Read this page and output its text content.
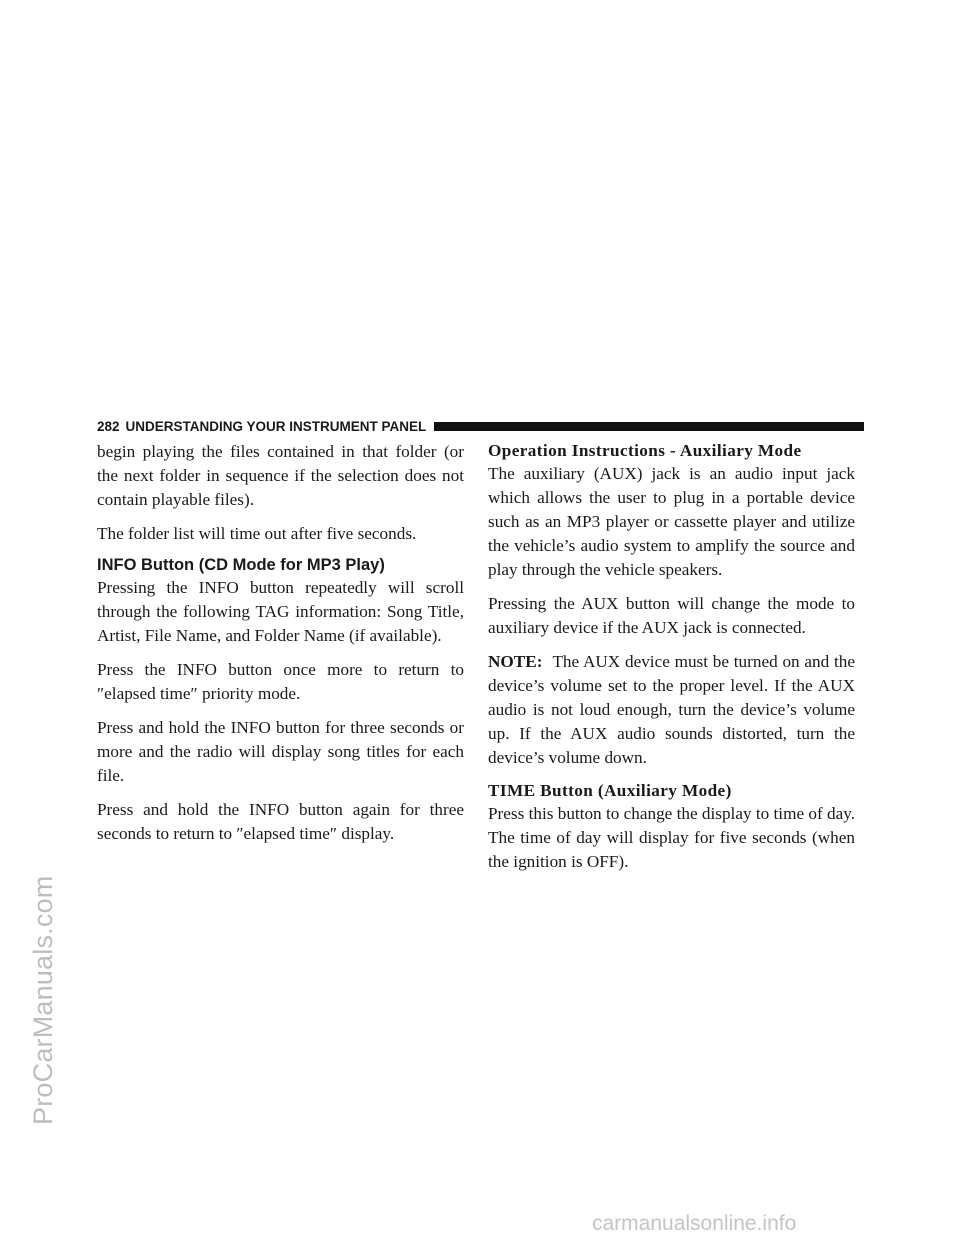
ProCarManuals.com
282 UNDERSTANDING YOUR INSTRUMENT PANEL

begin playing the files contained in that folder (or the next folder in sequence if the selection does not contain playable files).

The folder list will time out after five seconds.

INFO Button (CD Mode for MP3 Play)

Pressing the INFO button repeatedly will scroll through the following TAG information: Song Title, Artist, File Name, and Folder Name (if available).

Press the INFO button once more to return to ″elapsed time″ priority mode.

Press and hold the INFO button for three seconds or more and the radio will display song titles for each file.

Press and hold the INFO button again for three seconds to return to ″elapsed time″ display.

Operation Instructions - Auxiliary Mode

The auxiliary (AUX) jack is an audio input jack which allows the user to plug in a portable device such as an MP3 player or cassette player and utilize the vehicle’s audio system to amplify the source and play through the vehicle speakers.

Pressing the AUX button will change the mode to auxiliary device if the AUX jack is connected.

NOTE: The AUX device must be turned on and the device’s volume set to the proper level. If the AUX audio is not loud enough, turn the device’s volume up. If the AUX audio sounds distorted, turn the device’s volume down.

TIME Button (Auxiliary Mode)

Press this button to change the display to time of day. The time of day will display for five seconds (when the ignition is OFF).

carmanualsonline.info
